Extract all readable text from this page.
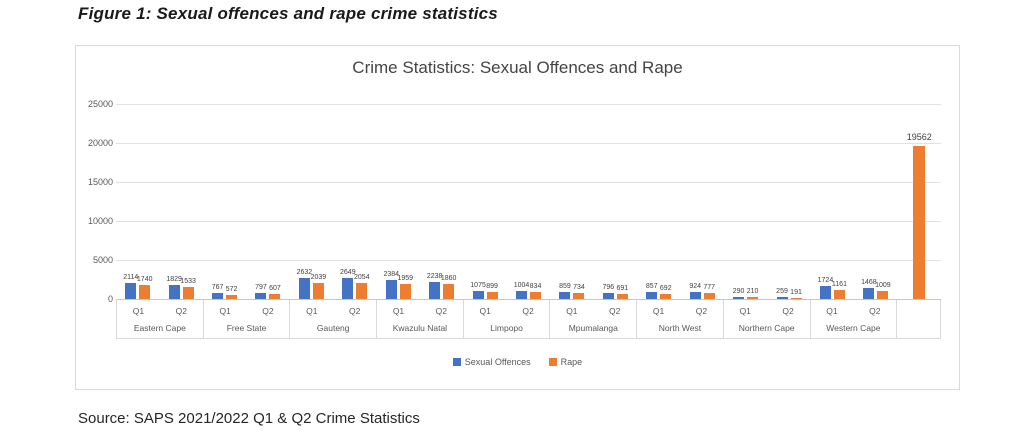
Figure 1: Sexual offences and rape crime statistics
Crime Statistics: Sexual Offences and Rape
0
5000
10000
15000
20000
25000
2114
1740	1829
1533
767 572	797 607
2632
2039
2649
2054	2384
1959	2238
1860
1075 899	1004 834	859 734	796 691	857 692	924 777
290 210	259 191
1724
1161	1468
1009
19562
Q1	Q2
Eastern Cape
Q1	Q2
Free State
Q1	Q2
Gauteng
Q1	Q2
Kwazulu Natal
Q1	Q2
Limpopo
Q1	Q2
Mpumalanga
Q1	Q2
North West
Q1	Q2
Northern Cape
Q1	Q2
Western Cape
Sexual Offences	Rape
Source: SAPS 2021/2022 Q1 & Q2 Crime Statistics
